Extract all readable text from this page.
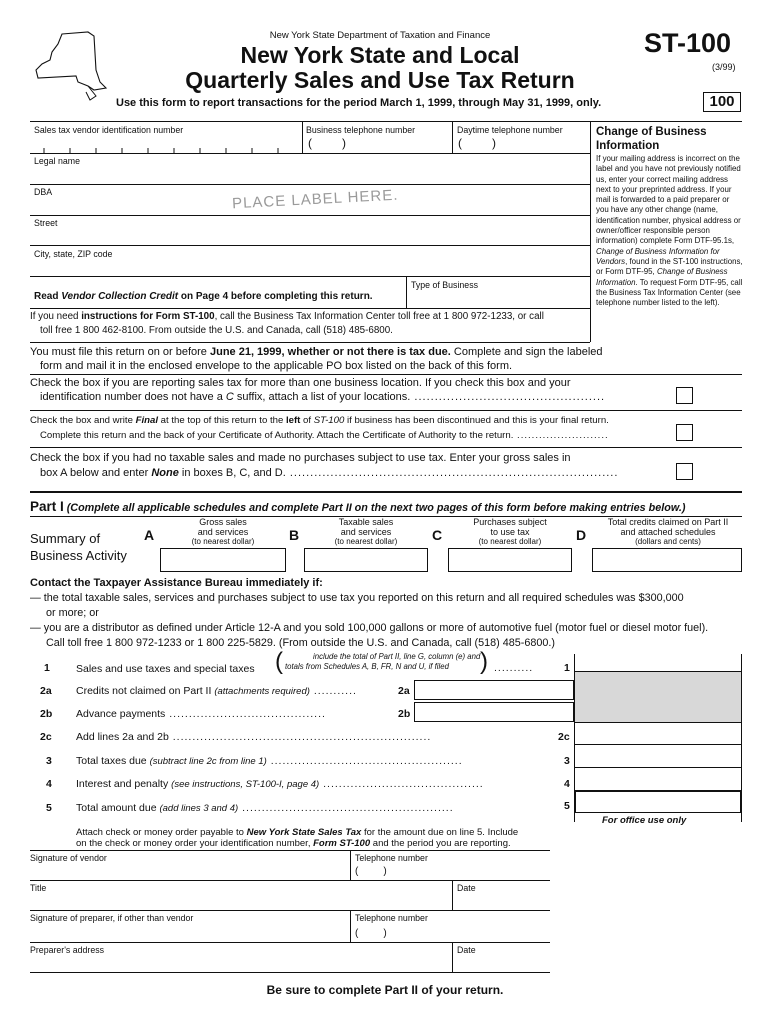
New York State Department of Taxation and Finance
New York State and Local
Quarterly Sales and Use Tax Return
ST-100
(3/99)
Use this form to report transactions for the period March 1, 1999, through May 31, 1999, only.	100
Sales tax vendor identification number	Business telephone number
(         )
Daytime telephone number
(         )
Legal name
DBA	PLACE LABEL HERE.
Street
City, state, ZIP code
Type of Business
Read Vendor Collection Credit on Page 4 before completing this return.
If you need instructions for Form ST-100, call the Business Tax Information Center toll free at 1 800 972-1233, or call
toll free 1 800 462-8100. From outside the U.S. and Canada, call (518) 485-6800.
Change of Business Information
If your mailing address is incorrect on the label and you have not previously notified us, enter your correct mailing address next to your preprinted address. If your mail is forwarded to a paid preparer or you have any other change (name, identification number, physical address or owner/officer responsible person information) complete Form DTF-95.1s, Change of Business Information for Vendors, found in the ST-100 instructions, or Form DTF-95, Change of Business Information. To request Form DTF-95, call the Business Tax Information Center (see telephone number listed to the left).
You must file this return on or before June 21, 1999, whether or not there is tax due. Complete and sign the labeled
form and mail it in the enclosed envelope to the applicable PO box listed on the back of this form.
Check the box if you are reporting sales tax for more than one business location. If you check this box and your
identification number does not have a C suffix, attach a list of your locations. ...............................................
Check the box and write Final at the top of this return to the left of ST-100 if business has been discontinued and this is your final return.
Complete this return and the back of your Certificate of Authority. Attach the Certificate of Authority to the return. .........................
Check the box if you had no taxable sales and made no purchases subject to use tax. Enter your gross sales in
box A below and enter None in boxes B, C, and D. .................................................................................
Part I (Complete all applicable schedules and complete Part II on the next two pages of this form before making entries below.)
Summary of Business Activity
A
Gross sales
and services
(to nearest dollar)	B
Taxable sales
and services
(to nearest dollar)	C
Purchases subject
to use tax
(to nearest dollar)	D
Total credits claimed on Part II
and attached schedules
(dollars and cents)
Contact the Taxpayer Assistance Bureau immediately if:
— the total taxable sales, services and purchases subject to use tax you reported on this return and all required schedules was $300,000
or more; or
— you are a distributor as defined under Article 12-A and you sold 100,000 gallons or more of automotive fuel (motor fuel or diesel motor fuel).
Call toll free 1 800 972-1233 or 1 800 225-5829. (From outside the U.S. and Canada, call (518) 485-6800.)
1 Sales and use taxes and special taxes (	include the total of Part II, line G, column (e) and
totals from Schedules A, B, FR, N and U, if filed	) ..........	1
2a Credits not claimed on Part II (attachments required) ...........	2a
2b Advance payments ........................................	2b
2c Add lines 2a and 2b ..................................................................	2c
3 Total taxes due (subtract line 2c from line 1) .................................................	3
4 Interest and penalty (see instructions, ST-100-I, page 4) .........................................	4
5 Total amount due (add lines 3 and 4) ......................................................	5
For office use only
Attach check or money order payable to New York State Sales Tax for the amount due on line 5. Include
on the check or money order your identification number, Form ST-100 and the period you are reporting.
Signature of vendor	Telephone number
(         )
Title	Date
Signature of preparer, if other than vendor	Telephone number
(         )
Preparer's address	Date
Be sure to complete Part II of your return.
